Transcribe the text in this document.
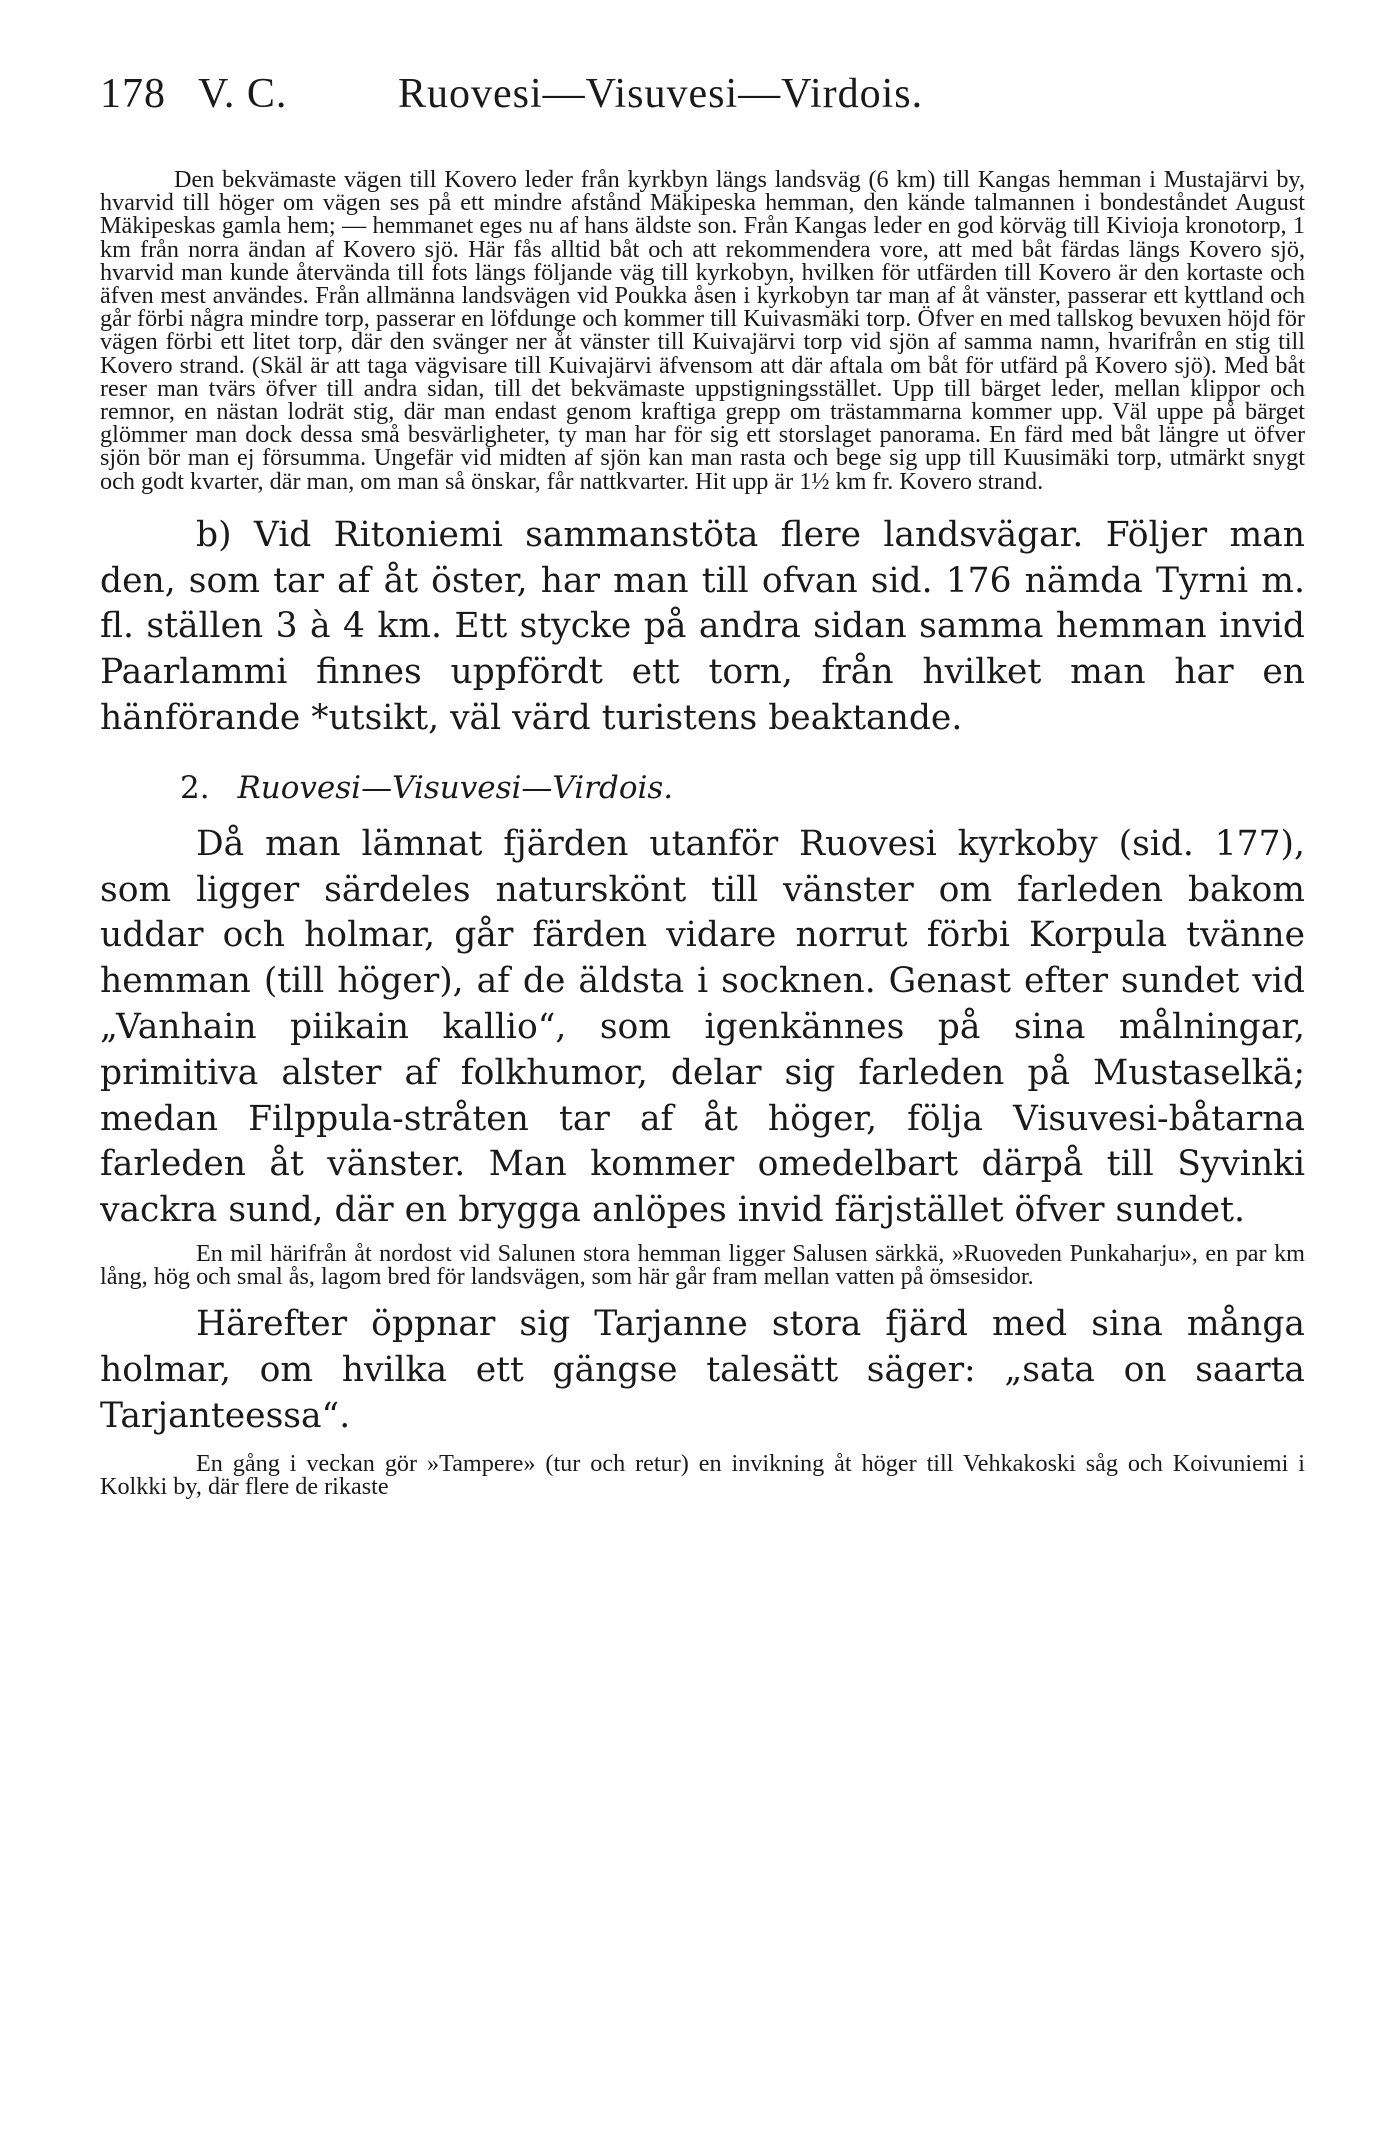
178 V. C.	Ruovesi—Visuvesi—Virdois.

Den bekvämaste vägen till Kovero leder från kyrkbyn längs landsväg (6 km) till Kangas hemman i Mustajärvi by, hvarvid till höger om vägen ses på ett mindre afstånd Mäkipeska hemman, den kände talmannen i bondeståndet August Mäkipeskas gamla hem; — hemmanet eges nu af hans äldste son. Från Kangas leder en god körväg till Kivioja kronotorp, 1 km från norra ändan af Kovero sjö. Här fås alltid båt och att rekommendera vore, att med båt färdas längs Kovero sjö, hvarvid man kunde återvända till fots längs följande väg till kyrkobyn, hvilken för utfärden till Kovero är den kortaste och äfven mest användes. Från allmänna landsvägen vid Poukka åsen i kyrkobyn tar man af åt vänster, passerar ett kyttland och går förbi några mindre torp, passerar en löfdunge och kommer till Kuivasmäki torp. Öfver en med tallskog bevuxen höjd för vägen förbi ett litet torp, där den svänger ner åt vänster till Kuivajärvi torp vid sjön af samma namn, hvarifrån en stig till Kovero strand. (Skäl är att taga vägvisare till Kuivajärvi äfvensom att där aftala om båt för utfärd på Kovero sjö). Med båt reser man tvärs öfver till andra sidan, till det bekvämaste uppstigningsstället. Upp till bärget leder, mellan klippor och remnor, en nästan lodrät stig, där man endast genom kraftiga grepp om trästammarna kommer upp. Väl uppe på bärget glömmer man dock dessa små besvärligheter, ty man har för sig ett storslaget panorama. En färd med båt längre ut öfver sjön bör man ej försumma. Ungefär vid midten af sjön kan man rasta och bege sig upp till Kuusimäki torp, utmärkt snygt och godt kvarter, där man, om man så önskar, får nattkvarter. Hit upp är 1½ km fr. Kovero strand.

b) Vid Ritoniemi sammanstöta flere landsvägar. Följer man den, som tar af åt öster, har man till ofvan sid. 176 nämda Tyrni m. fl. ställen 3 à 4 km. Ett stycke på andra sidan samma hemman invid Paarlammi finnes uppfördt ett torn, från hvilket man har en hänförande *utsikt, väl värd turistens beaktande.

2. Ruovesi—Visuvesi—Virdois.

Då man lämnat fjärden utanför Ruovesi kyrkoby (sid. 177), som ligger särdeles naturskönt till vänster om farleden bakom uddar och holmar, går färden vidare norrut förbi Korpula tvänne hemman (till höger), af de äldsta i socknen. Genast efter sundet vid „Vanhain piikain kallio“, som igenkännes på sina målningar, primitiva alster af folkhumor, delar sig farleden på Mustaselkä; medan Filppula-stråten tar af åt höger, följa Visuvesi-båtarna farleden åt vänster. Man kommer omedelbart därpå till Syvinki vackra sund, där en brygga anlöpes invid färjstället öfver sundet.

En mil härifrån åt nordost vid Salunen stora hemman ligger Salusen särkkä, »Ruoveden Punkaharju», en par km lång, hög och smal ås, lagom bred för landsvägen, som här går fram mellan vatten på ömsesidor.

Härefter öppnar sig Tarjanne stora fjärd med sina många holmar, om hvilka ett gängse talesätt säger: „sata on saarta Tarjanteessa“.

En gång i veckan gör »Tampere» (tur och retur) en invikning åt höger till Vehkakoski såg och Koivuniemi i Kolkki by, där flere de rikaste
